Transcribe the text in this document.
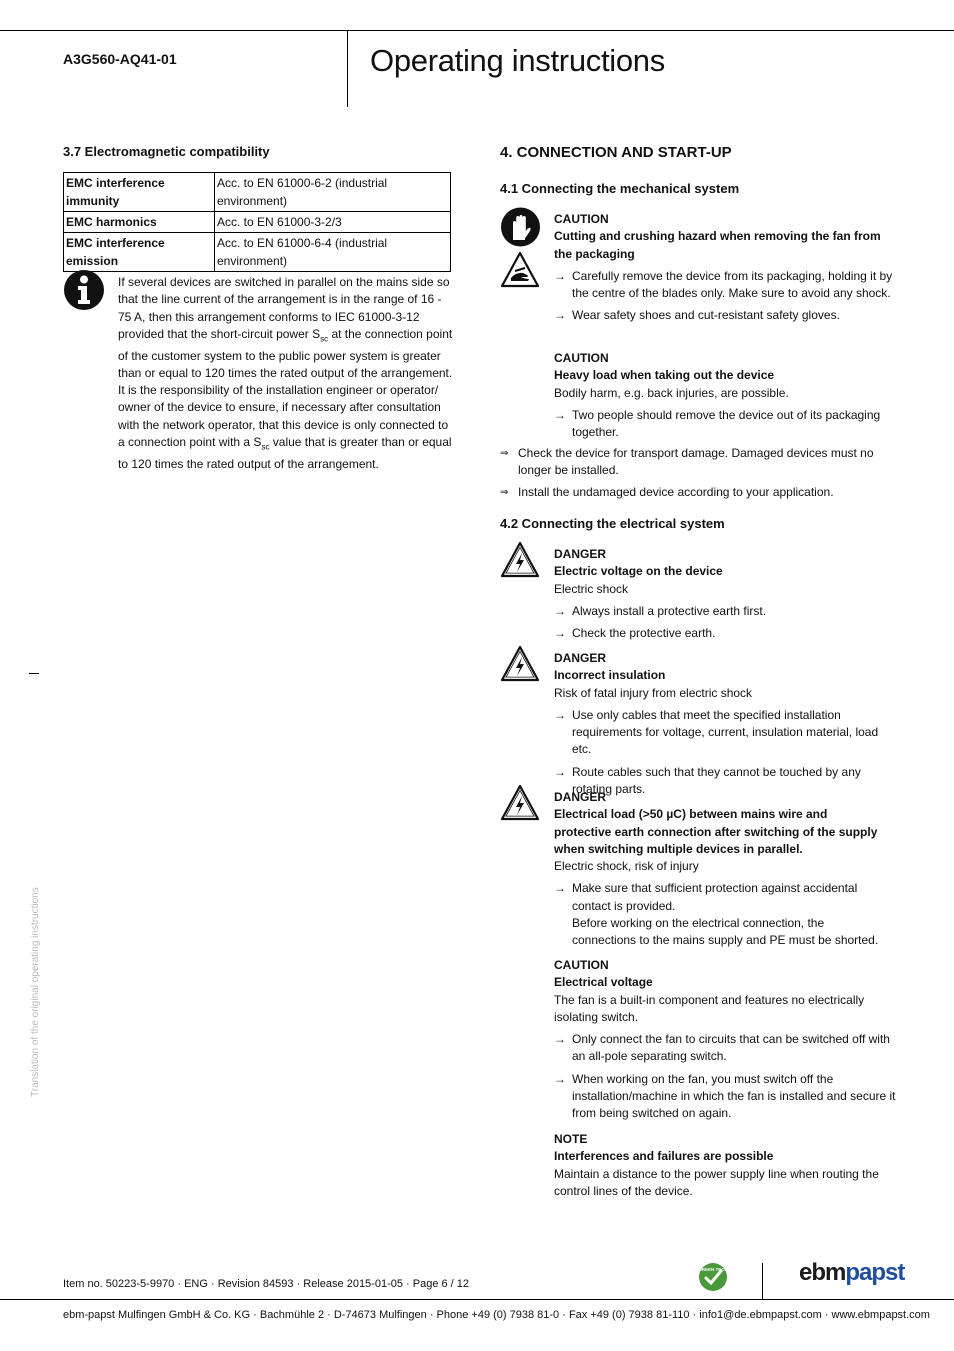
A3G560-AQ41-01	Operating instructions
Translation of the original operating instructions
3.7 Electromagnetic compatibility
EMC interference immunity	Acc. to EN 61000-6-2 (industrial environment)
EMC harmonics	Acc. to EN 61000-3-2/3
EMC interference emission	Acc. to EN 61000-6-4 (industrial environment)
If several devices are switched in parallel on the mains side so that the line current of the arrangement is in the range of 16 - 75 A, then this arrangement conforms to IEC 61000-3-12 provided that the short-circuit power $S_{sc}$ at the connection point of the customer system to the public power system is greater than or equal to 120 times the rated output of the arrangement.
It is the responsibility of the installation engineer or operator/ owner of the device to ensure, if necessary after consultation with the network operator, that this device is only connected to a connection point with a $S_{sc}$ value that is greater than or equal to 120 times the rated output of the arrangement.
4. CONNECTION AND START-UP
4.1 Connecting the mechanical system
CAUTION
Cutting and crushing hazard when removing the fan from the packaging
→ Carefully remove the device from its packaging, holding it by the centre of the blades only. Make sure to avoid any shock.
→ Wear safety shoes and cut-resistant safety gloves.
CAUTION
Heavy load when taking out the device
Bodily harm, e.g. back injuries, are possible.
→ Two people should remove the device out of its packaging together.
⇒ Check the device for transport damage. Damaged devices must no longer be installed.
⇒ Install the undamaged device according to your application.
4.2 Connecting the electrical system
DANGER
Electric voltage on the device
Electric shock
→ Always install a protective earth first.
→ Check the protective earth.
DANGER
Incorrect insulation
Risk of fatal injury from electric shock
→ Use only cables that meet the specified installation requirements for voltage, current, insulation material, load etc.
→ Route cables such that they cannot be touched by any rotating parts.
DANGER
Electrical load (>50 µC) between mains wire and protective earth connection after switching of the supply when switching multiple devices in parallel.
Electric shock, risk of injury
→ Make sure that sufficient protection against accidental contact is provided.

Before working on the electrical connection, the connections to the mains supply and PE must be shorted.
CAUTION
Electrical voltage
The fan is a built-in component and features no electrically isolating switch.
→ Only connect the fan to circuits that can be switched off with an all-pole separating switch.
→ When working on the fan, you must switch off the installation/machine in which the fan is installed and secure it from being switched on again.
NOTE
Interferences and failures are possible
Maintain a distance to the power supply line when routing the control lines of the device.
Item no. 50223-5-9970 · ENG · Revision 84593 · Release 2015-01-05 · Page 6 / 12
GREEN TECH	ebmpapst
ebm-papst Mulfingen GmbH & Co. KG · Bachmühle 2 · D-74673 Mulfingen · Phone +49 (0) 7938 81-0 · Fax +49 (0) 7938 81-110 · info1@de.ebmpapst.com · www.ebmpapst.com
